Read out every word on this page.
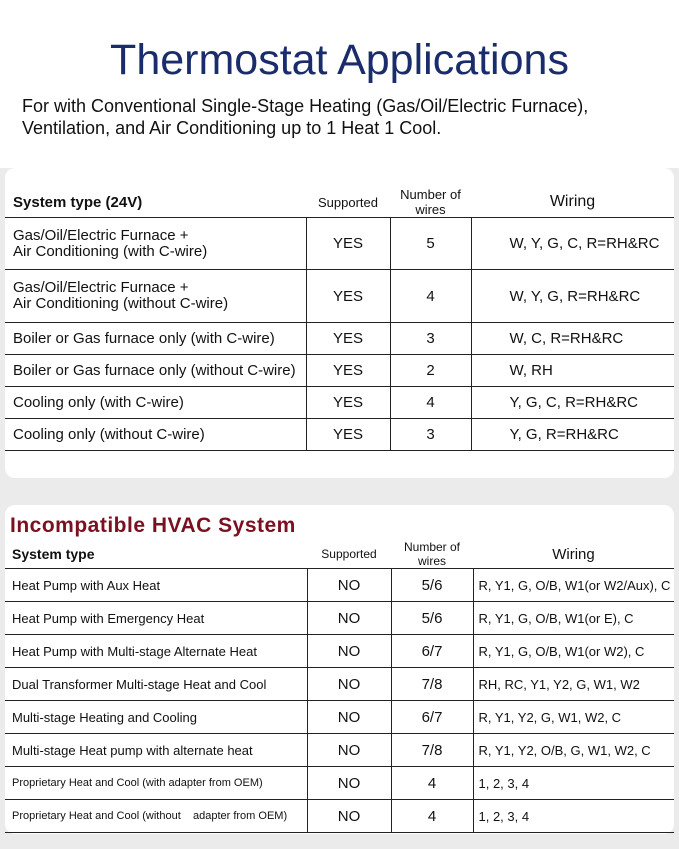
Thermostat Applications
For with Conventional Single-Stage Heating (Gas/Oil/Electric Furnace),
Ventilation, and Air Conditioning up to 1 Heat 1 Cool.
System type (24V)	Supported	Number of wires	Wiring

Gas/Oil/Electric Furnace +
Air Conditioning (with C-wire)	YES	5	W, Y, G, C, R=RH&RC

Gas/Oil/Electric Furnace +
Air Conditioning (without C-wire)	YES	4	W, Y, G, R=RH&RC
Boiler or Gas furnace only (with C-wire)	YES	3	W, C, R=RH&RC
Boiler or Gas furnace only (without C-wire)	YES	2	W, RH
Cooling only (with C-wire)	YES	4	Y, G, C, R=RH&RC
Cooling only (without C-wire)	YES	3	Y, G, R=RH&RC
Incompatible HVAC System
System type	Supported	Number of wires	Wiring
Heat Pump with Aux Heat	NO	5/6	R, Y1, G, O/B, W1(or W2/Aux), C
Heat Pump with Emergency Heat	NO	5/6	R, Y1, G, O/B, W1(or E), C
Heat Pump with Multi-stage Alternate Heat	NO	6/7	R, Y1, G, O/B, W1(or W2), C
Dual Transformer Multi-stage Heat and Cool	NO	7/8	RH, RC, Y1, Y2, G, W1, W2
Multi-stage Heating and Cooling	NO	6/7	R, Y1, Y2, G, W1, W2, C
Multi-stage Heat pump with alternate heat	NO	7/8	R, Y1, Y2, O/B, G, W1, W2, C
Proprietary Heat and Cool (with adapter from OEM)	NO	4	1, 2, 3, 4
Proprietary Heat and Cool (without    adapter from OEM)	NO	4	1, 2, 3, 4
